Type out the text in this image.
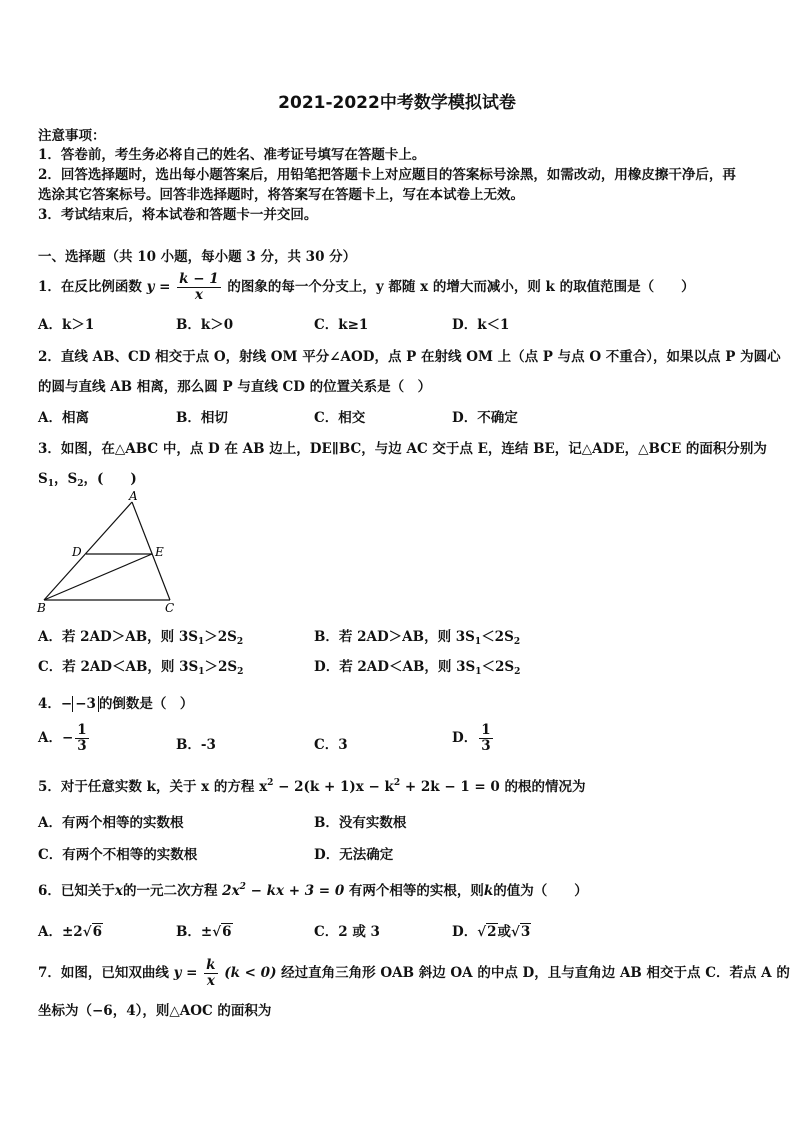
2021-2022中考数学模拟试卷
注意事项：
1．答卷前，考生务必将自己的姓名、准考证号填写在答题卡上。
2．回答选择题时，选出每小题答案后，用铅笔把答题卡上对应题目的答案标号涂黑，如需改动，用橡皮擦干净后，再
选涂其它答案标号。回答非选择题时，将答案写在答题卡上，写在本试卷上无效。
3．考试结束后，将本试卷和答题卡一并交回。
一、选择题（共 10 小题，每小题 3 分，共 30 分）
1．在反比例函数 $y = \frac{k - 1}{x}$ 的图象的每一个分支上，y 都随 x 的增大而减小，则 k 的取值范围是（　　）
A．k＞1	B．k＞0	C．k≥1	D．k＜1
2．直线 AB、CD 相交于点 O，射线 OM 平分∠AOD，点 P 在射线 OM 上（点 P 与点 O 不重合），如果以点 P 为圆心
的圆与直线 AB 相离，那么圆 P 与直线 CD 的位置关系是（　）
A．相离	B．相切	C．相交	D．不确定
3．如图，在△ABC 中，点 D 在 AB 边上，DE∥BC，与边 AC 交于点 E，连结 BE，记△ADE，△BCE 的面积分别为
$S_1$，$S_2$，(　　)
A
D	E
B	C
A．若 2AD＞AB，则 $3S_1>2S_2$	B．若 2AD＞AB，则 $3S_1<2S_2$
C．若 2AD＜AB，则 $3S_1>2S_2$	D．若 2AD＜AB，则 $3S_1<2S_2$
4．− −3 的倒数是（　）
A．− $\frac{1}{3}$	B．-3	C．3	D． $\frac{1}{3}$
5．对于任意实数 k，关于 x 的方程 $x^2 - 2(k + 1)x - k^2 + 2k - 1 = 0$ 的根的情况为
A．有两个相等的实数根	B．没有实数根
C．有两个不相等的实数根	D．无法确定
6．已知关于x的一元二次方程 $2x^2$ − kx + 3 = 0 有两个相等的实根，则k的值为（　　）
A．±2√6	B．±√6	C．2 或 3	D．√2或√3
7．如图，已知双曲线 $y = \frac{k}{x} (k < 0)$ 经过直角三角形 OAB 斜边 OA 的中点 D，且与直角边 AB 相交于点 C．若点 A 的
坐标为（−6，4），则△AOC 的面积为
